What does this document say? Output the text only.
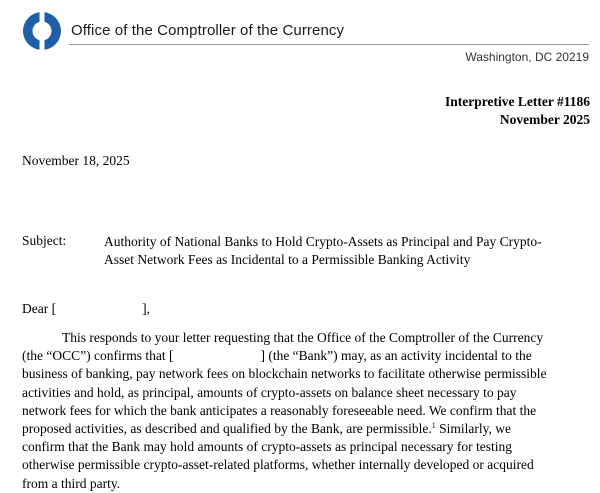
Office of the Comptroller of the Currency
Washington, DC 20219
Interpretive Letter #1186
November 2025
November 18, 2025
Subject:	Authority of National Banks to Hold Crypto-Assets as Principal and Pay Crypto-
Asset Network Fees as Incidental to a Permissible Banking Activity
Dear [	],
This responds to your letter requesting that the Office of the Comptroller of the Currency
(the “OCC”) confirms that [	] (the “Bank”) may, as an activity incidental to the
business of banking, pay network fees on blockchain networks to facilitate otherwise permissible
activities and hold, as principal, amounts of crypto-assets on balance sheet necessary to pay
network fees for which the bank anticipates a reasonably foreseeable need. We confirm that the
proposed activities, as described and qualified by the Bank, are permissible.$^1$ Similarly, we
confirm that the Bank may hold amounts of crypto-assets as principal necessary for testing
otherwise permissible crypto-asset-related platforms, whether internally developed or acquired
from a third party.
